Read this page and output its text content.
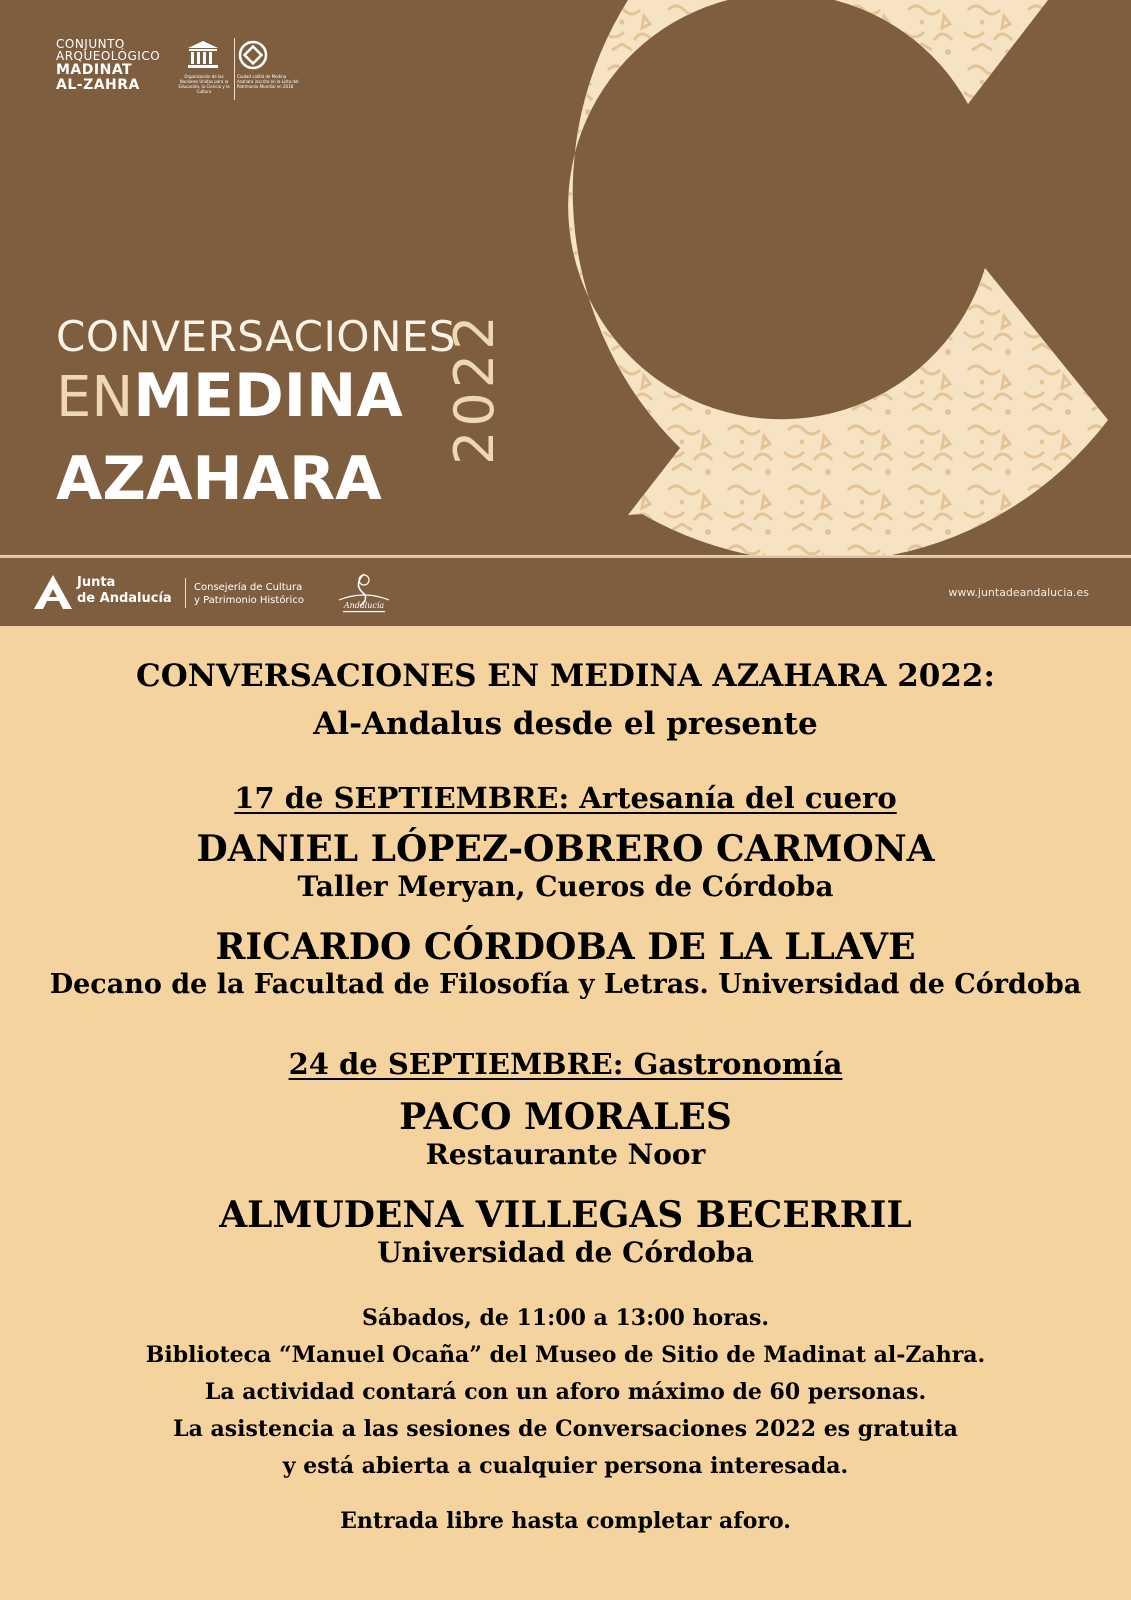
CONJUNTO
ARQUEOLÓGICO
MADINAT
AL-ZAHRA
Organización de las Naciones Unidas para la Educación, la Ciencia y la Cultura
Ciudad califal de Medina Azahara inscrita en la Lista del Patrimonio Mundial en 2018
CONVERSACIONES
ENMEDINA
AZAHARA
2022
Junta
de Andalucía
Consejería de Cultura
y Patrimonio Histórico	Andalucía
www.juntadeandalucia.es
CONVERSACIONES EN MEDINA AZAHARA 2022:
Al-Andalus desde el presente
17 de SEPTIEMBRE: Artesanía del cuero
DANIEL LÓPEZ-OBRERO CARMONA
Taller Meryan, Cueros de Córdoba
RICARDO CÓRDOBA DE LA LLAVE
Decano de la Facultad de Filosofía y Letras. Universidad de Córdoba
24 de SEPTIEMBRE: Gastronomía
PACO MORALES
Restaurante Noor
ALMUDENA VILLEGAS BECERRIL
Universidad de Córdoba
Sábados, de 11:00 a 13:00 horas.
Biblioteca “Manuel Ocaña” del Museo de Sitio de Madinat al-Zahra.
La actividad contará con un aforo máximo de 60 personas.
La asistencia a las sesiones de Conversaciones 2022 es gratuita
y está abierta a cualquier persona interesada.
Entrada libre hasta completar aforo.
